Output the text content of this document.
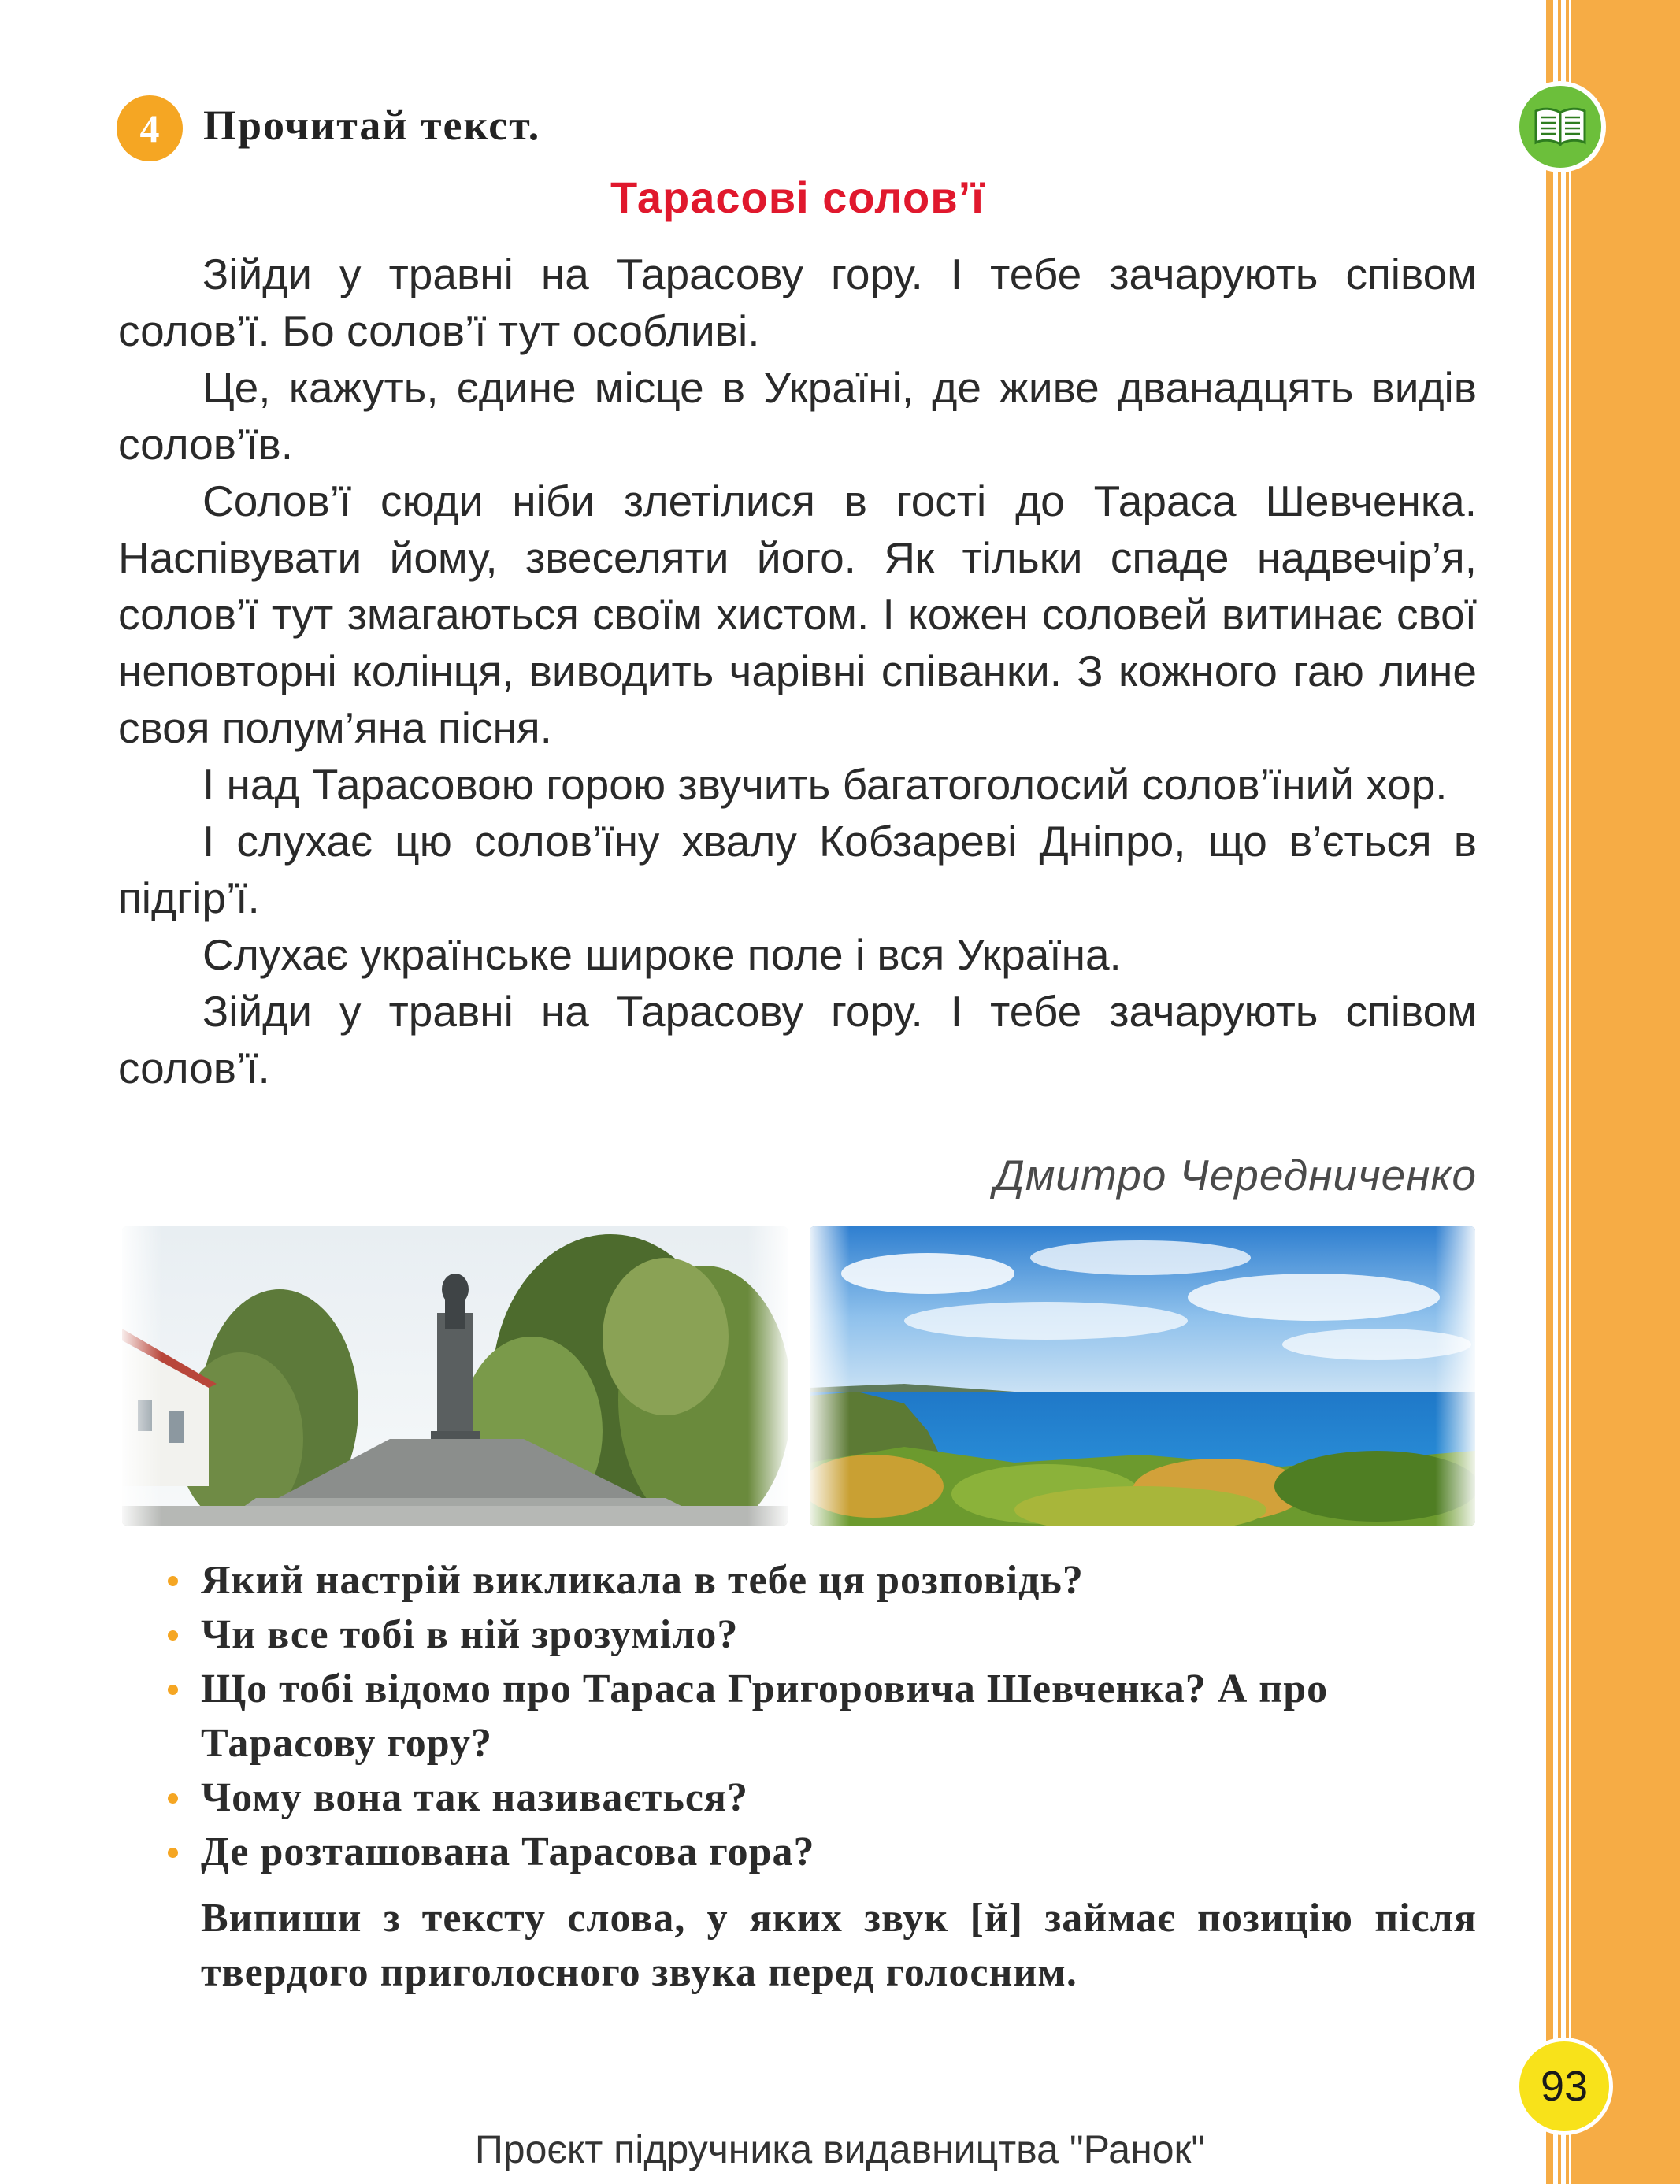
4	Прочитай текст.
Тарасові солов’ї

Зійди у травні на Тарасову гору. І тебе зачарують співом солов’ї. Бо солов’ї тут особливі.

Це, кажуть, єдине місце в Україні, де живе дванадцять видів солов’їв.

Солов’ї сюди ніби злетілися в гості до Тараса Шевченка. Наспівувати йому, звеселяти його. Як тільки спаде надвечір’я, солов’ї тут змагаються своїм хистом. І кожен соловей витинає свої неповторні колінця, виводить чарівні співанки. З кожного гаю лине своя полум’яна пісня.

І над Тарасовою горою звучить багатоголосий солов’їний хор.

І слухає цю солов’їну хвалу Кобзареві Дніпро, що в’ється в підгір’ї.

Слухає українське широке поле і вся Україна.

Зійди у травні на Тарасову гору. І тебе зачарують співом солов’ї.

Дмитро Чередниченко
Який настрій викликала в тебе ця розповідь?
Чи все тобі в ній зрозуміло?
Що тобі відомо про Тараса Григоровича Шевченка? А про Тарасову гору?
Чому вона так називається?
Де розташована Тарасова гора?
Випиши з тексту слова, у яких звук [й] займає позицію після твердого приголосного звука перед голосним.
93
Проєкт підручника видавництва "Ранок"
